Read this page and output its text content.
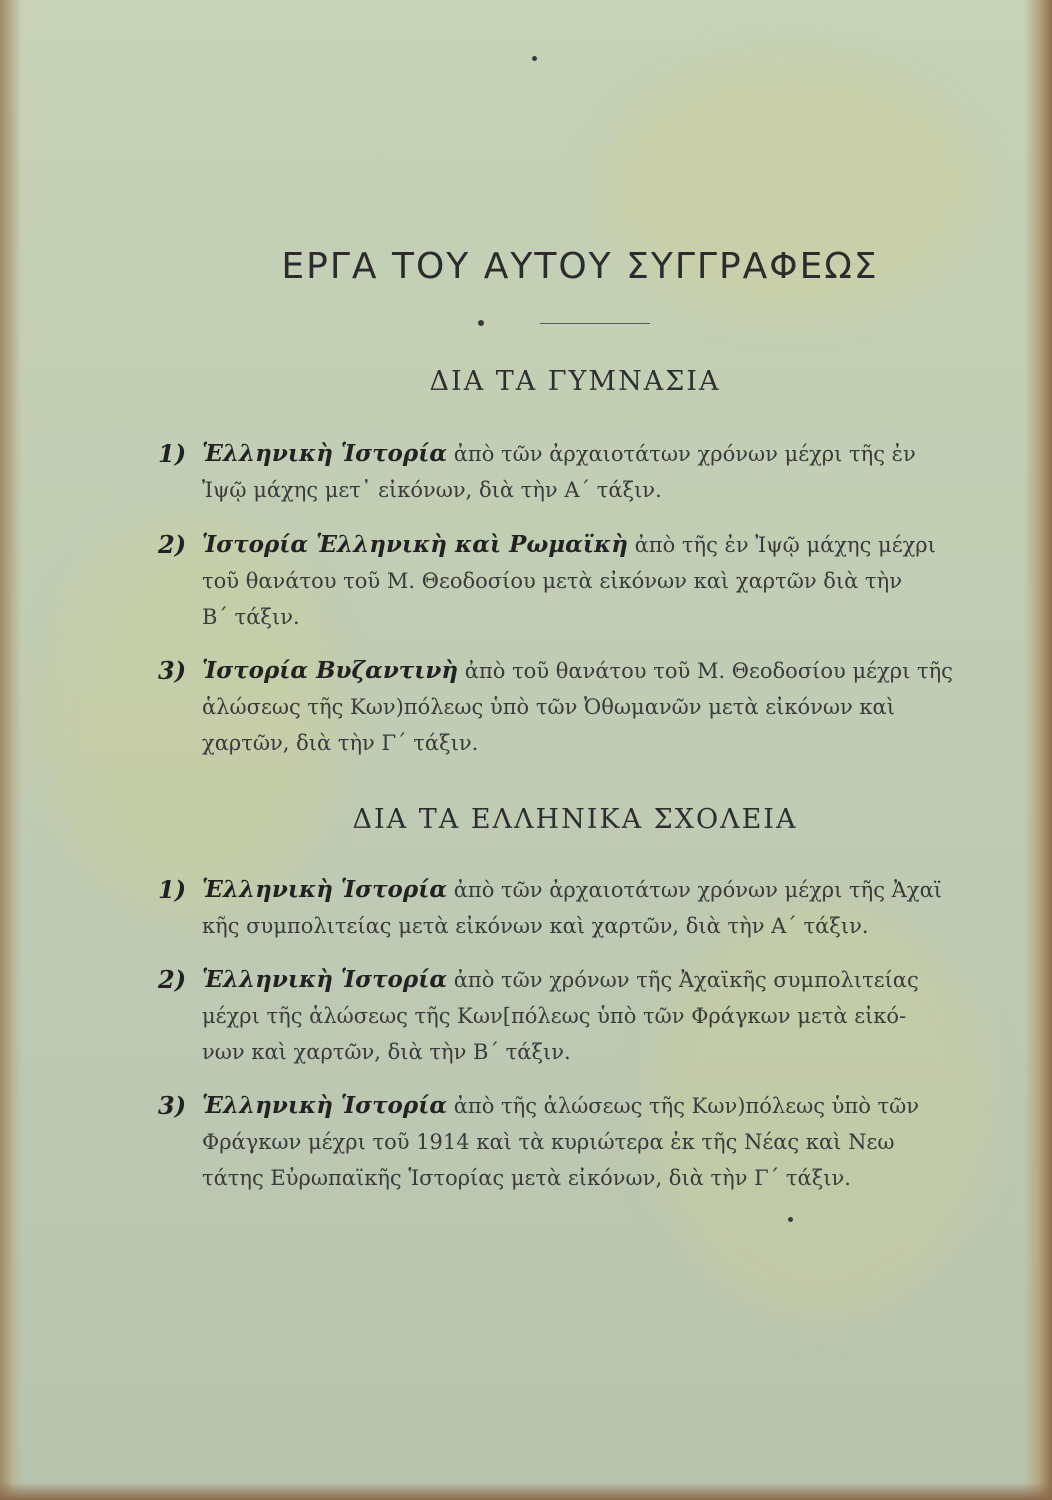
ΕΡΓΑ ΤΟΥ ΑΥΤΟΥ ΣΥΓΓΡΑΦΕΩΣ
ΔΙΑ ΤΑ ΓΥΜΝΑΣΙΑ
1) Ἑλληνικὴ Ἱστορία ἀπὸ τῶν ἀρχαιοτάτων χρόνων μέχρι τῆς ἐν
Ἰψῷ μάχης μετ᾽ εἰκόνων, διὰ τὴν Α΄ τάξιν.
2) Ἱστορία Ἑλληνικὴ καὶ Ρωμαϊκὴ ἀπὸ τῆς ἐν Ἰψῷ μάχης μέχρι
τοῦ θανάτου τοῦ Μ. Θεοδοσίου μετὰ εἰκόνων καὶ χαρτῶν διὰ τὴν
Β΄ τάξιν.
3) Ἱστορία Βυζαντινὴ ἀπὸ τοῦ θανάτου τοῦ Μ. Θεοδοσίου μέχρι τῆς
ἁλώσεως τῆς Κων)πόλεως ὑπὸ τῶν Ὀθωμανῶν μετὰ εἰκόνων καὶ
χαρτῶν, διὰ τὴν Γ΄ τάξιν.
ΔΙΑ ΤΑ ΕΛΛΗΝΙΚΑ ΣΧΟΛΕΙΑ
1) Ἑλληνικὴ Ἱστορία ἀπὸ τῶν ἀρχαιοτάτων χρόνων μέχρι τῆς Ἀχαϊ
κῆς συμπολιτείας μετὰ εἰκόνων καὶ χαρτῶν, διὰ τὴν Α΄ τάξιν.
2) Ἑλληνικὴ Ἱστορία ἀπὸ τῶν χρόνων τῆς Ἀχαϊκῆς συμπολιτείας
μέχρι τῆς ἁλώσεως τῆς Κων[πόλεως ὑπὸ τῶν Φράγκων μετὰ εἰκό-
νων καὶ χαρτῶν, διὰ τὴν Β΄ τάξιν.
3) Ἑλληνικὴ Ἱστορία ἀπὸ τῆς ἁλώσεως τῆς Κων)πόλεως ὑπὸ τῶν
Φράγκων μέχρι τοῦ 1914 καὶ τὰ κυριώτερα ἐκ τῆς Νέας καὶ Νεω
τάτης Εὐρωπαϊκῆς Ἱστορίας μετὰ εἰκόνων, διὰ τὴν Γ΄ τάξιν.
